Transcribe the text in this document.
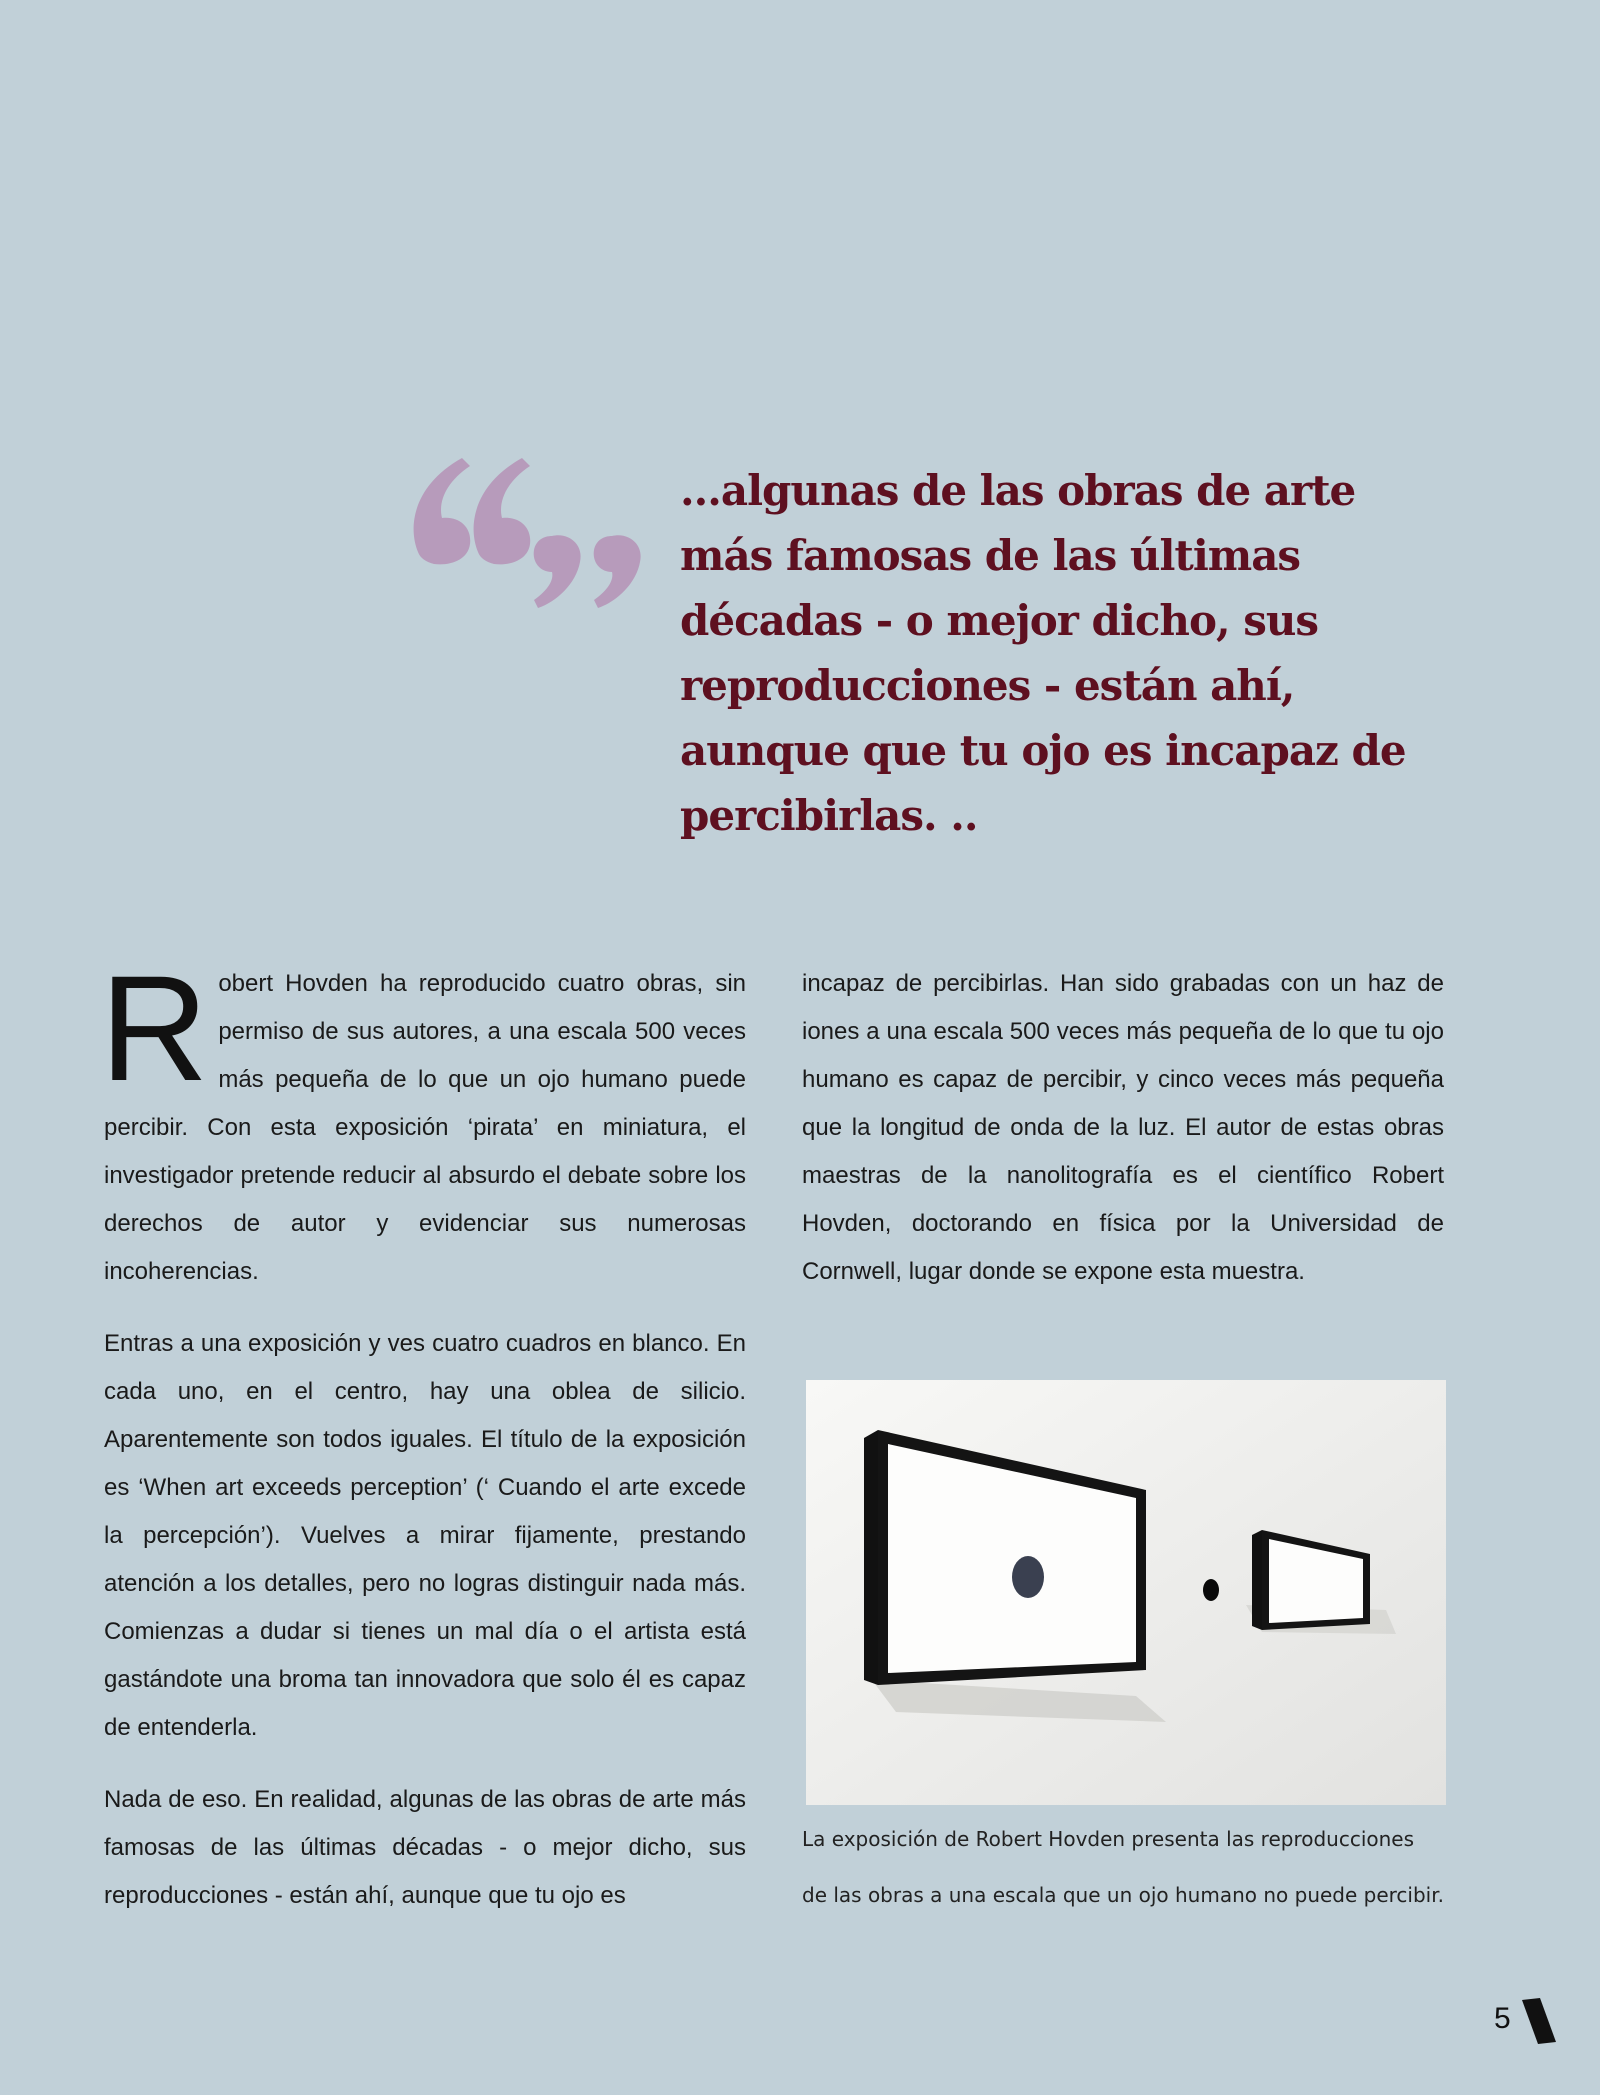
...algunas de las obras de arte más famosas de las últimas décadas - o mejor dicho, sus reproducciones - están ahí, aunque que tu ojo es incapaz de percibirlas. ..

Robert Hovden ha reproducido cuatro obras, sin permiso de sus autores, a una escala 500 veces más pequeña de lo que un ojo humano puede percibir. Con esta exposición ‘pirata’ en miniatura, el investigador pretende reducir al absurdo el debate sobre los derechos de autor y evidenciar sus numerosas incoherencias.

Entras a una exposición y ves cuatro cuadros en blanco. En cada uno, en el centro, hay una oblea de silicio. Aparentemente son todos iguales. El título de la exposición es ‘When art exceeds perception’ (‘ Cuando el arte excede la percepción’). Vuelves a mirar fijamente, prestando atención a los detalles, pero no logras distinguir nada más. Comienzas a dudar si tienes un mal día o el artista está gastándote una broma tan innovadora que solo él es capaz de entenderla.

Nada de eso. En realidad, algunas de las obras de arte más famosas de las últimas décadas - o mejor dicho, sus reproducciones - están ahí, aunque que tu ojo es

incapaz de percibirlas. Han sido grabadas con un haz de iones a una escala 500 veces más pequeña de lo que tu ojo humano es capaz de percibir, y cinco veces más pequeña que la longitud de onda de la luz. El autor de estas obras maestras de la nanolitografía es el científico Robert Hovden, doctorando en física por la Universidad de Cornwell, lugar donde se expone esta muestra.

La exposición de Robert Hovden presenta las reproducciones
de las obras a una escala que un ojo humano no puede percibir.
5
